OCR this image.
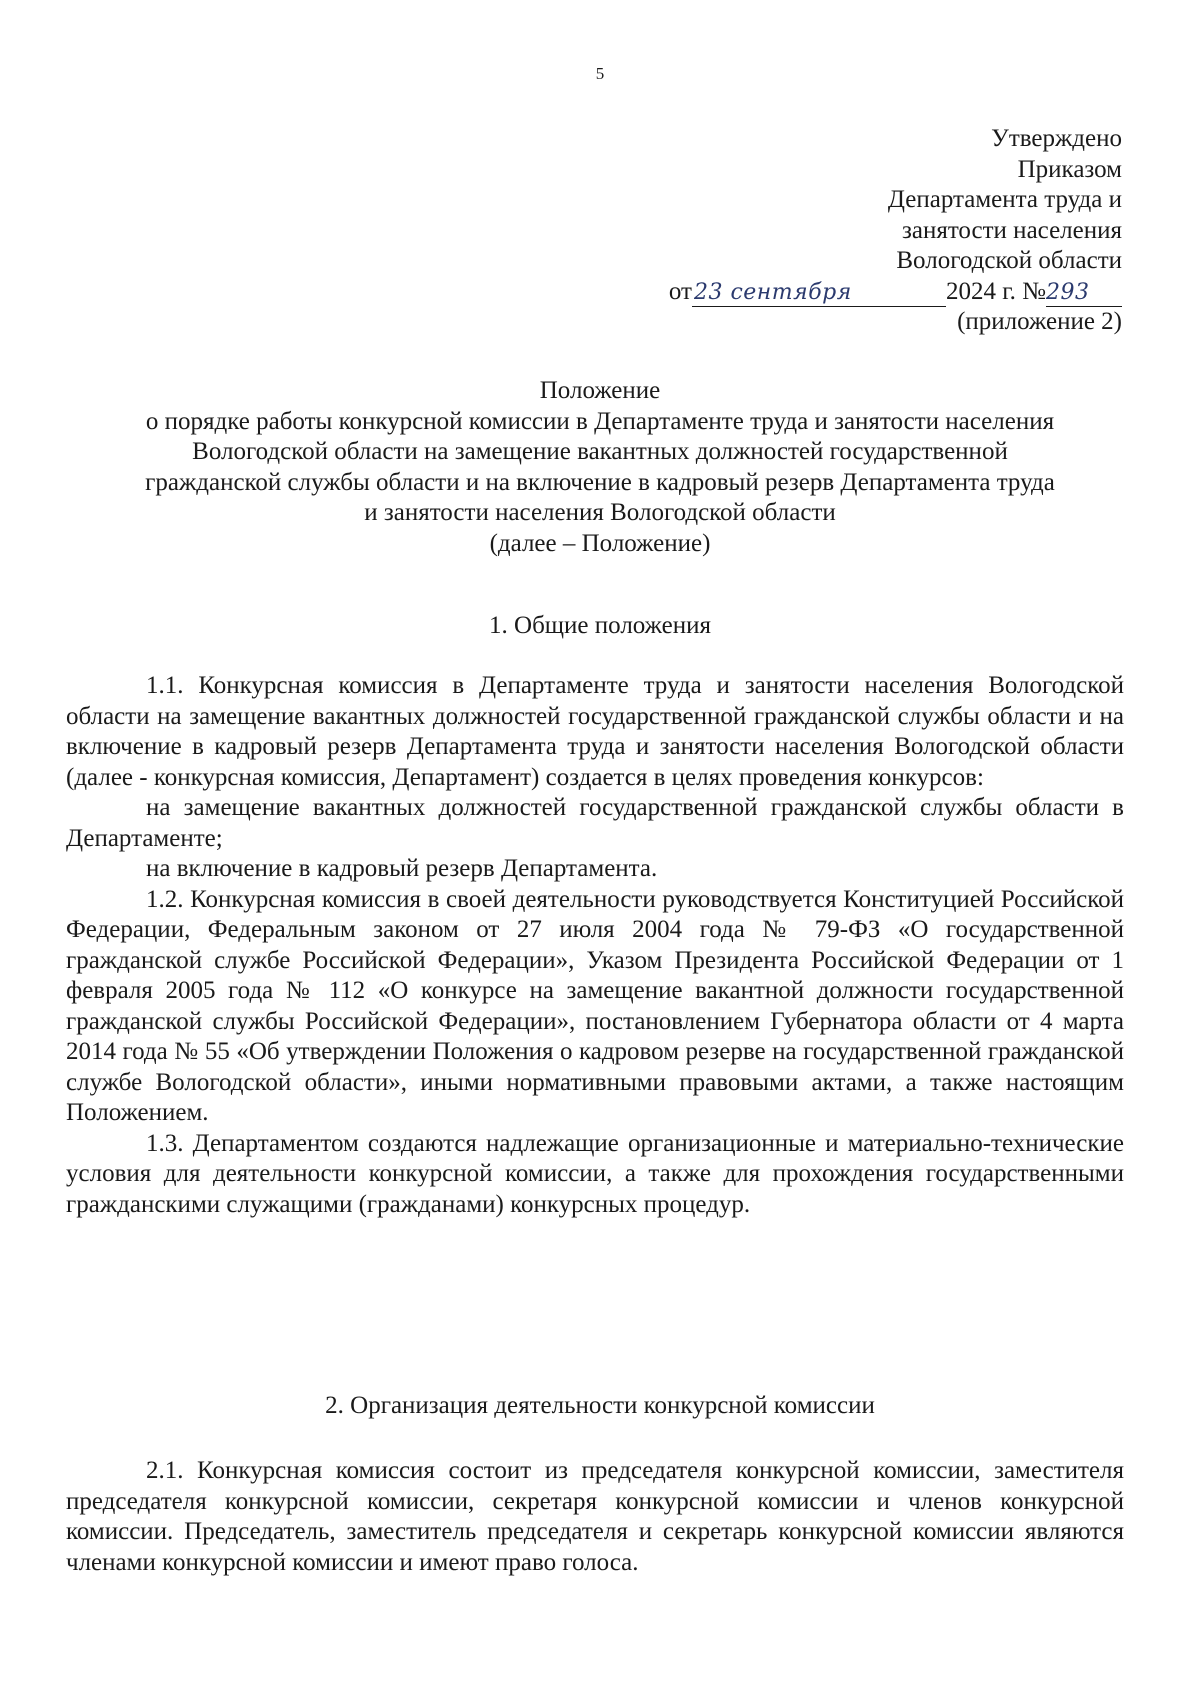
5
Утверждено
Приказом
Департамента труда и
занятости населения
Вологодской области
от23 сентября	2024 г. №293
(приложение 2)
Положение
о порядке работы конкурсной комиссии в Департаменте труда и занятости населения
Вологодской области на замещение вакантных должностей государственной
гражданской службы области и на включение в кадровый резерв Департамента труда
и занятости населения Вологодской области
(далее – Положение)
1. Общие положения

1.1. Конкурсная комиссия в Департаменте труда и занятости населения Вологодской области на замещение вакантных должностей государственной гражданской службы области и на включение в кадровый резерв Департамента труда и занятости населения Вологодской области (далее - конкурсная комиссия, Департамент) создается в целях проведения конкурсов:

на замещение вакантных должностей государственной гражданской службы области в Департаменте;

на включение в кадровый резерв Департамента.

1.2. Конкурсная комиссия в своей деятельности руководствуется Конституцией Российской Федерации, Федеральным законом от 27 июля 2004 года № 79-ФЗ «О государственной гражданской службе Российской Федерации», Указом Президента Российской Федерации от 1 февраля 2005 года № 112 «О конкурсе на замещение вакантной должности государственной гражданской службы Российской Федерации», постановлением Губернатора области от 4 марта 2014 года № 55 «Об утверждении Положения о кадровом резерве на государственной гражданской службе Вологодской области», иными нормативными правовыми актами, а также настоящим Положением.

1.3. Департаментом создаются надлежащие организационные и материально-технические условия для деятельности конкурсной комиссии, а также для прохождения государственными гражданскими служащими (гражданами) конкурсных процедур.

2. Организация деятельности конкурсной комиссии

2.1. Конкурсная комиссия состоит из председателя конкурсной комиссии, заместителя председателя конкурсной комиссии, секретаря конкурсной комиссии и членов конкурсной комиссии. Председатель, заместитель председателя и секретарь конкурсной комиссии являются членами конкурсной комиссии и имеют право голоса.
